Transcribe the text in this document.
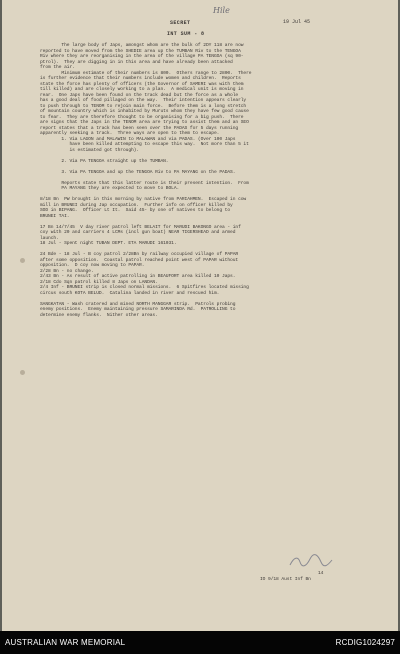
Hile
SECRET	19 Jul 45
INT SUM - 8
The large body of Japs, amongst whom are the bulk of 2DY 118 are now
reported to have moved from the SHEDIE area up the TUMBAN Riv to the TENGOA
Riv where they are reorganising in the area of the village PA TENGOA (sq 90-
ptrol).  They are digging in in this area and have already been attacked
from the air.
Minimum estimate of their numbers is 800.  Others range to 2800.  There
is further evidence that their numbers include women and children.  Reports
state the force has plenty of officers (the Governor of SAMERI was with them
till killed) and are closely working to a plan.  A medical unit is moving in
rear.  One Japs have been found on the track dead but the force as a whole
has a good deal of food pillaged on the way.  Their intention appears clearly
to push through to TENOM to rejoin main force.  Before them is a long stretch
of mountain country which is inhabited by Muruts whom they have few good cause
to fear.  They are therefore thought to be organising for a big push.  There
are signs that the Japs in the TENOM area are trying to assist them and an SEO
report states that a track has been seen over the PADAS for 5 days running
apparently seeking a track.  Three ways are open to them to escape.
1. Via LAGON and MALAWIN to MALAWAN and via PADAS. (Over 100 Japs
have been killed attempting to escape this way.  Not more than 5 it
is estimated got through).

2. Via PA TENGOA straight up the TUMBAN.

3. Via PA TENGOA and up the TENGOA Riv to PA MAYANG on the PADAS.

Reports state that this latter route is their present intention.  From
PA MAYANG they are expected to move to BOLA.

8/18 Bn  PW brought in this morning by native from PARIAHMEN.  Escaped in cow
mill in BRUNEI during Jap occupation.  Further info on officer killed by
SOD in BIPANG.  Officer Lt It.  Said 45- by one of natives to belong to
BRUNEI TAI.

17 Bn 14/7/45  V day river patrol left BELAIT for MARUDI BAKONGO area - inf
coy with 20 and carriers 4 LCMs (incl gun boat) NEAR TIGERSHEAD and armed
launch.
18 Jul - Spent night TUBAN DEPT. ETA MARUDI 161031.

24 Bde - 18 Jul - B coy patrol 2/28Bn by railway occupied village of PAPAR
after some opposition.  Coastal patrol reached point west of PAPAR without
opposition.  D coy now moving to PAPAR.
2/28 Bn - no change.
2/43 Bn - As result of active patrolling in BEAUFORT area killed 10 Japs.
2/18 Cdo Sqn patrol killed 8 Japs on LANDAN.
2/4 Inf - BRUNEI strip is closed normal missions.  6 Spitfires located missing
circus south KOTA BELUD.  Catalina landed in river and rescued him.

SANGKATAN - Wash cratered and mined NORTH MANGGAR strip.  Patrols probing
enemy positions.  Enemy maintaining pressure SAMARINDA Rd.  PATROLLING to
determine enemy flanks.  Nither other areas.
14
IO 9/18 Aust Inf Bn
AUSTRALIAN WAR MEMORIAL	RCDIG1024297
